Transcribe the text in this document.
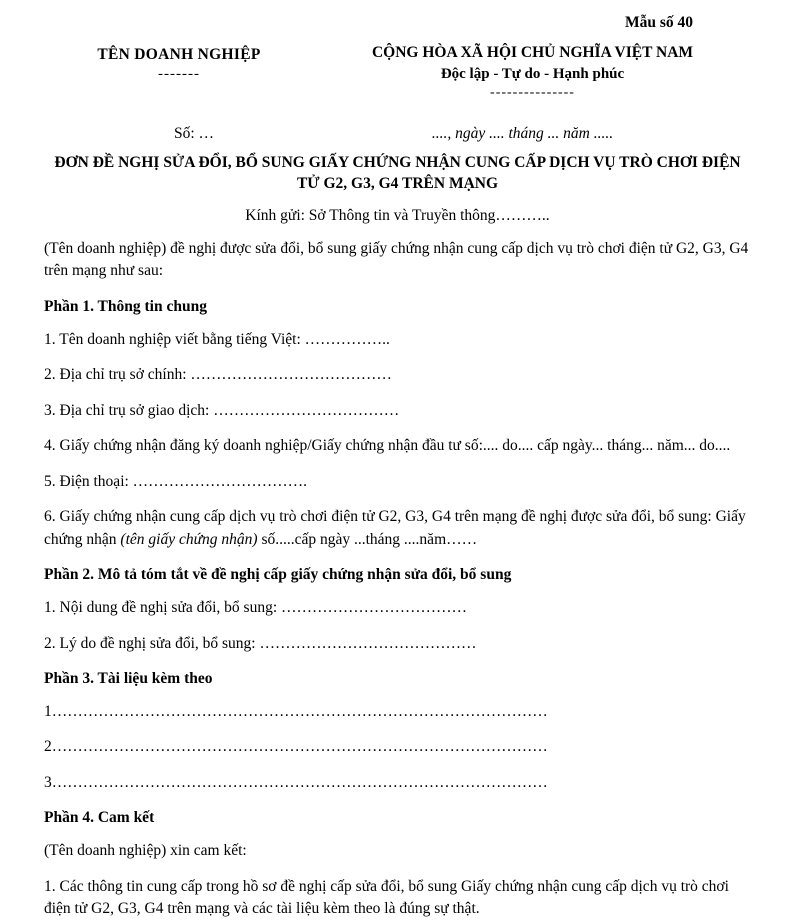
Mẫu số 40
TÊN DOANH NGHIỆP
-------
CỘNG HÒA XÃ HỘI CHỦ NGHĨA VIỆT NAM
Độc lập - Tự do - Hạnh phúc
---------------
Số: …	...., ngày .... tháng ... năm .....
ĐƠN ĐỀ NGHỊ SỬA ĐỔI, BỔ SUNG GIẤY CHỨNG NHẬN CUNG CẤP DỊCH VỤ TRÒ CHƠI ĐIỆN TỬ G2, G3, G4 TRÊN MẠNG
Kính gửi: Sở Thông tin và Truyền thông………..

(Tên doanh nghiệp) đề nghị được sửa đổi, bổ sung giấy chứng nhận cung cấp dịch vụ trò chơi điện tử G2, G3, G4 trên mạng như sau:

Phần 1. Thông tin chung

1. Tên doanh nghiệp viết bằng tiếng Việt: ……………..

2. Địa chỉ trụ sở chính: …………………………………

3. Địa chỉ trụ sở giao dịch: ………………………………

4. Giấy chứng nhận đăng ký doanh nghiệp/Giấy chứng nhận đầu tư số:.... do.... cấp ngày... tháng... năm... do....

5. Điện thoại: …………………………….

6. Giấy chứng nhận cung cấp dịch vụ trò chơi điện tử G2, G3, G4 trên mạng đề nghị được sửa đổi, bổ sung: Giấy chứng nhận (tên giấy chứng nhận) số.....cấp ngày ...tháng ....năm……

Phần 2. Mô tả tóm tắt về đề nghị cấp giấy chứng nhận sửa đổi, bổ sung

1. Nội dung đề nghị sửa đổi, bổ sung: ………………………………

2. Lý do đề nghị sửa đổi, bổ sung: ……………………………………

Phần 3. Tài liệu kèm theo

1……………………………………………………………………………………

2……………………………………………………………………………………

3……………………………………………………………………………………

Phần 4. Cam kết

(Tên doanh nghiệp) xin cam kết:

1. Các thông tin cung cấp trong hồ sơ đề nghị cấp sửa đổi, bổ sung Giấy chứng nhận cung cấp dịch vụ trò chơi điện tử G2, G3, G4 trên mạng và các tài liệu kèm theo là đúng sự thật.
